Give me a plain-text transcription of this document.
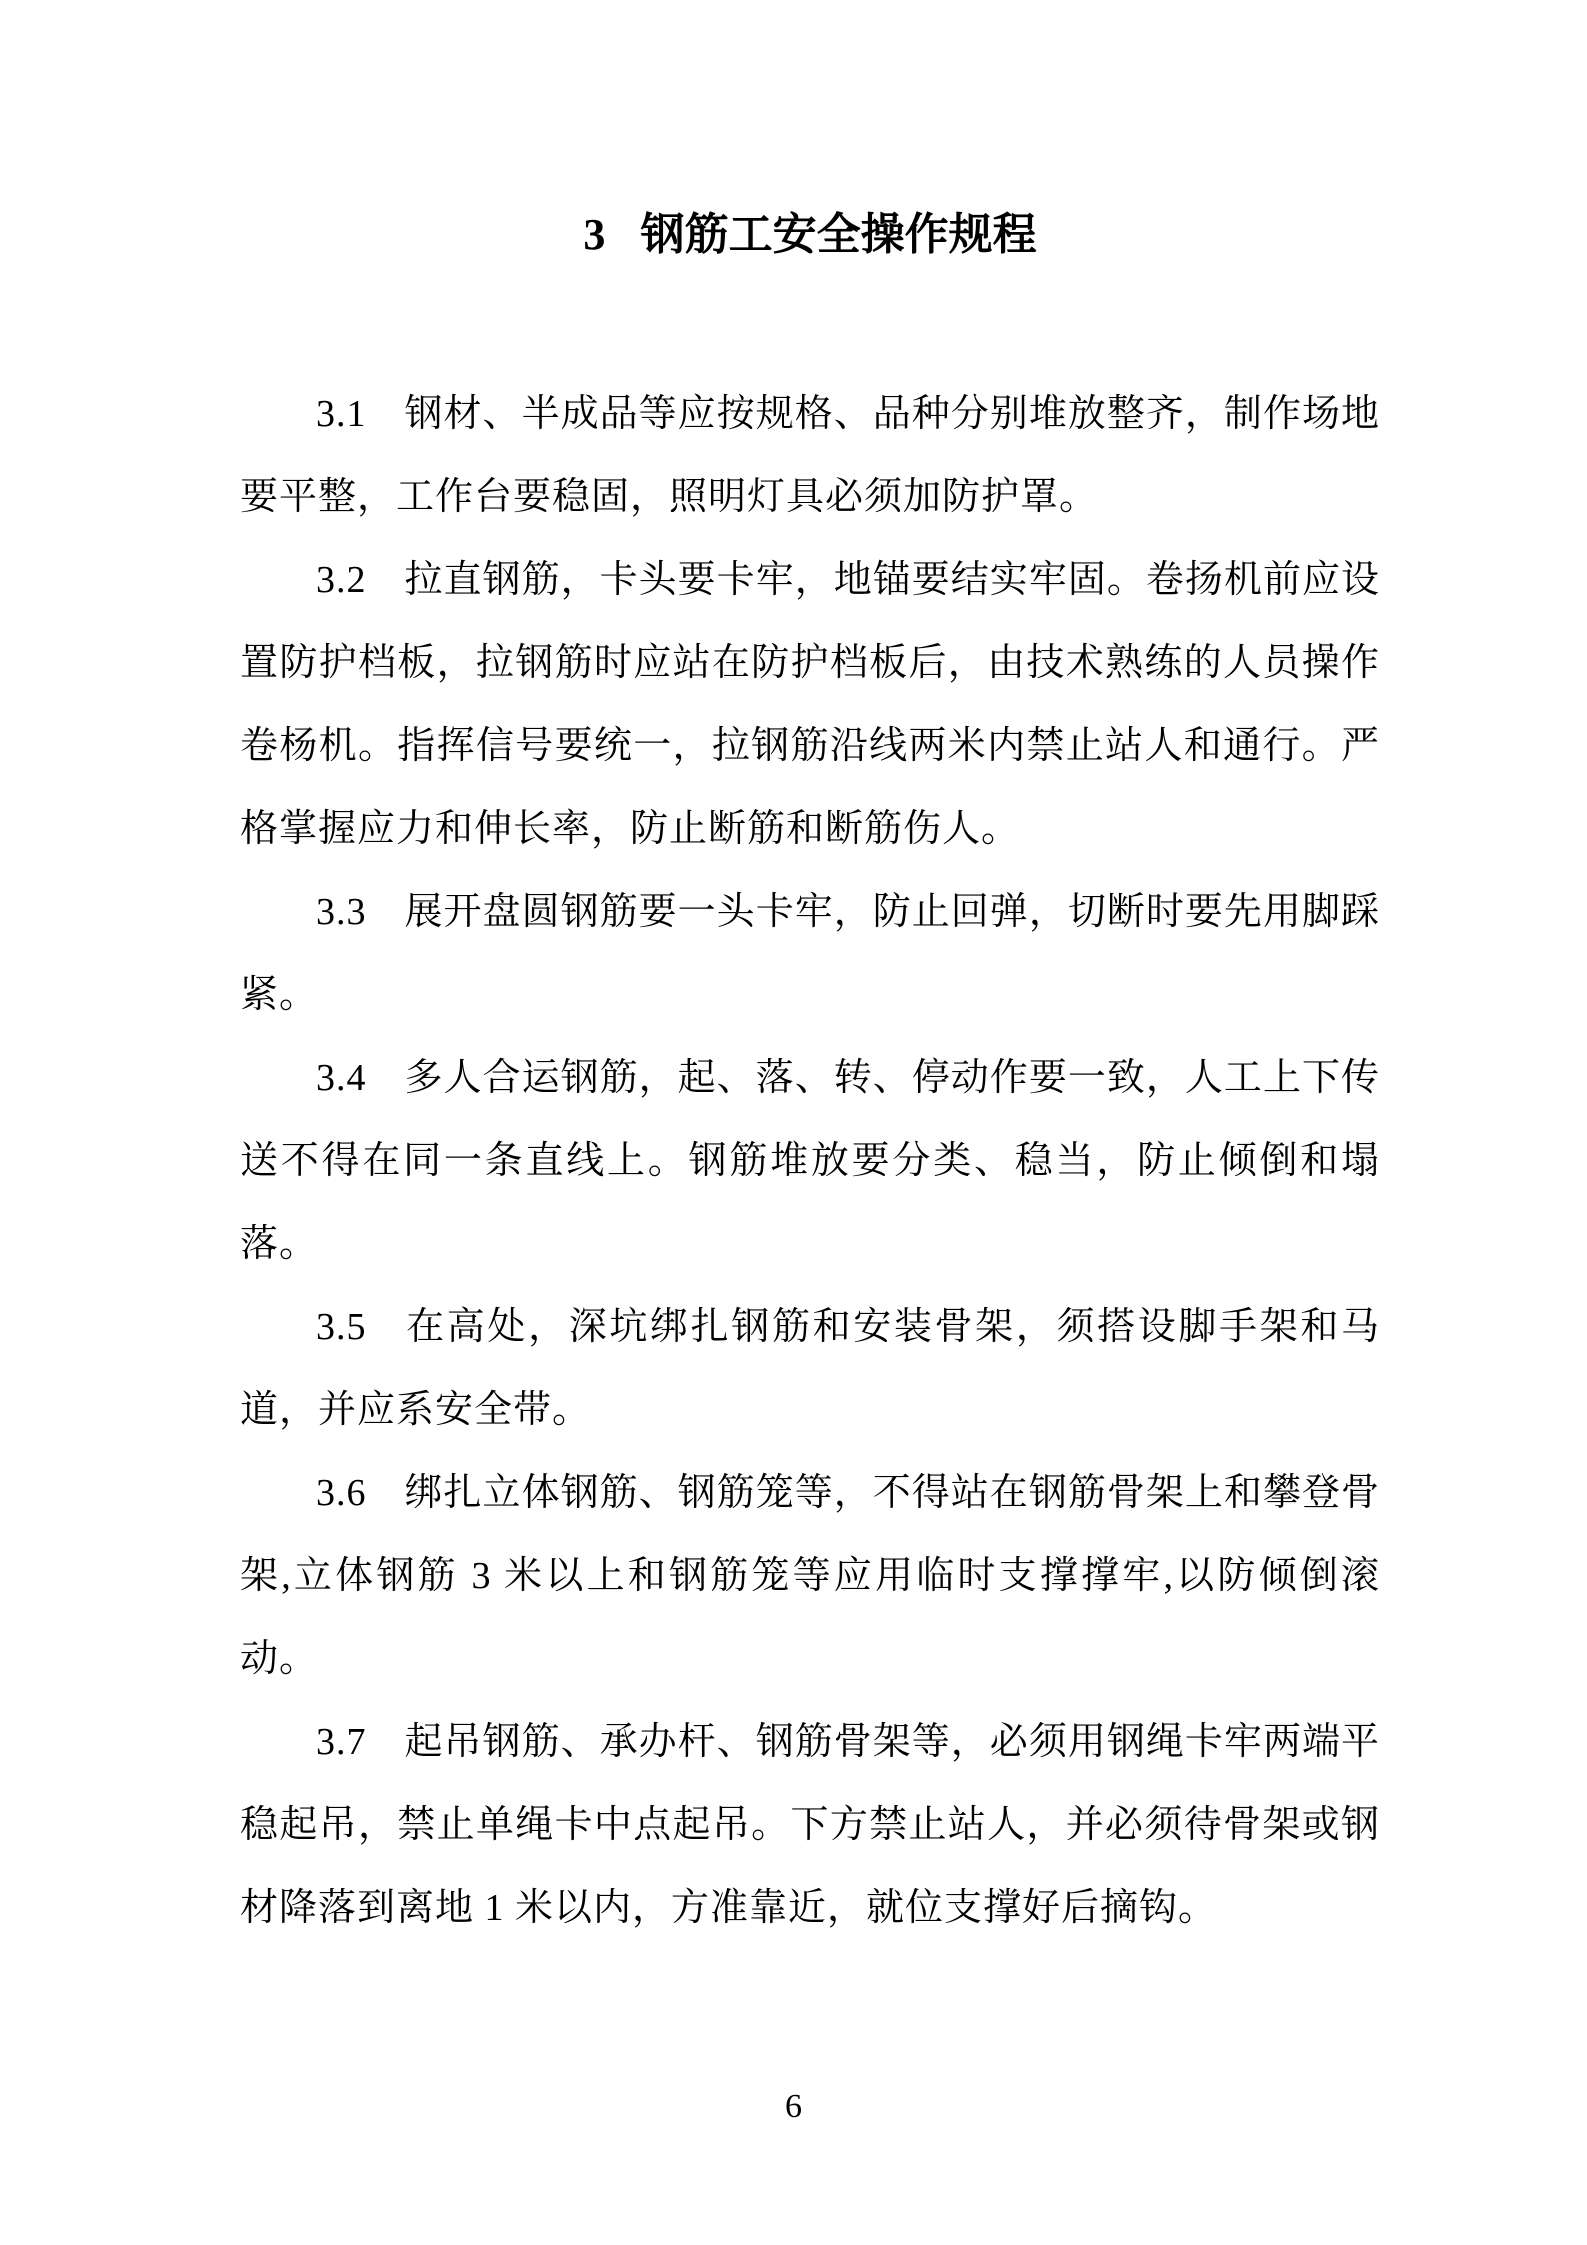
3 钢筋工安全操作规程

3.1 钢材、半成品等应按规格、品种分别堆放整齐，制作场地要平整，工作台要稳固，照明灯具必须加防护罩。

3.2 拉直钢筋，卡头要卡牢，地锚要结实牢固。卷扬机前应设置防护档板，拉钢筋时应站在防护档板后，由技术熟练的人员操作卷杨机。指挥信号要统一，拉钢筋沿线两米内禁止站人和通行。严格掌握应力和伸长率，防止断筋和断筋伤人。

3.3 展开盘圆钢筋要一头卡牢，防止回弹，切断时要先用脚踩紧。

3.4 多人合运钢筋，起、落、转、停动作要一致，人工上下传送不得在同一条直线上。钢筋堆放要分类、稳当，防止倾倒和塌落。

3.5 在高处，深坑绑扎钢筋和安装骨架，须搭设脚手架和马道，并应系安全带。

3.6 绑扎立体钢筋、钢筋笼等，不得站在钢筋骨架上和攀登骨架,立体钢筋 3 米以上和钢筋笼等应用临时支撑撑牢,以防倾倒滚动。

3.7 起吊钢筋、承办杆、钢筋骨架等，必须用钢绳卡牢两端平稳起吊，禁止单绳卡中点起吊。下方禁止站人，并必须待骨架或钢材降落到离地 1 米以内，方准靠近，就位支撑好后摘钩。

6
